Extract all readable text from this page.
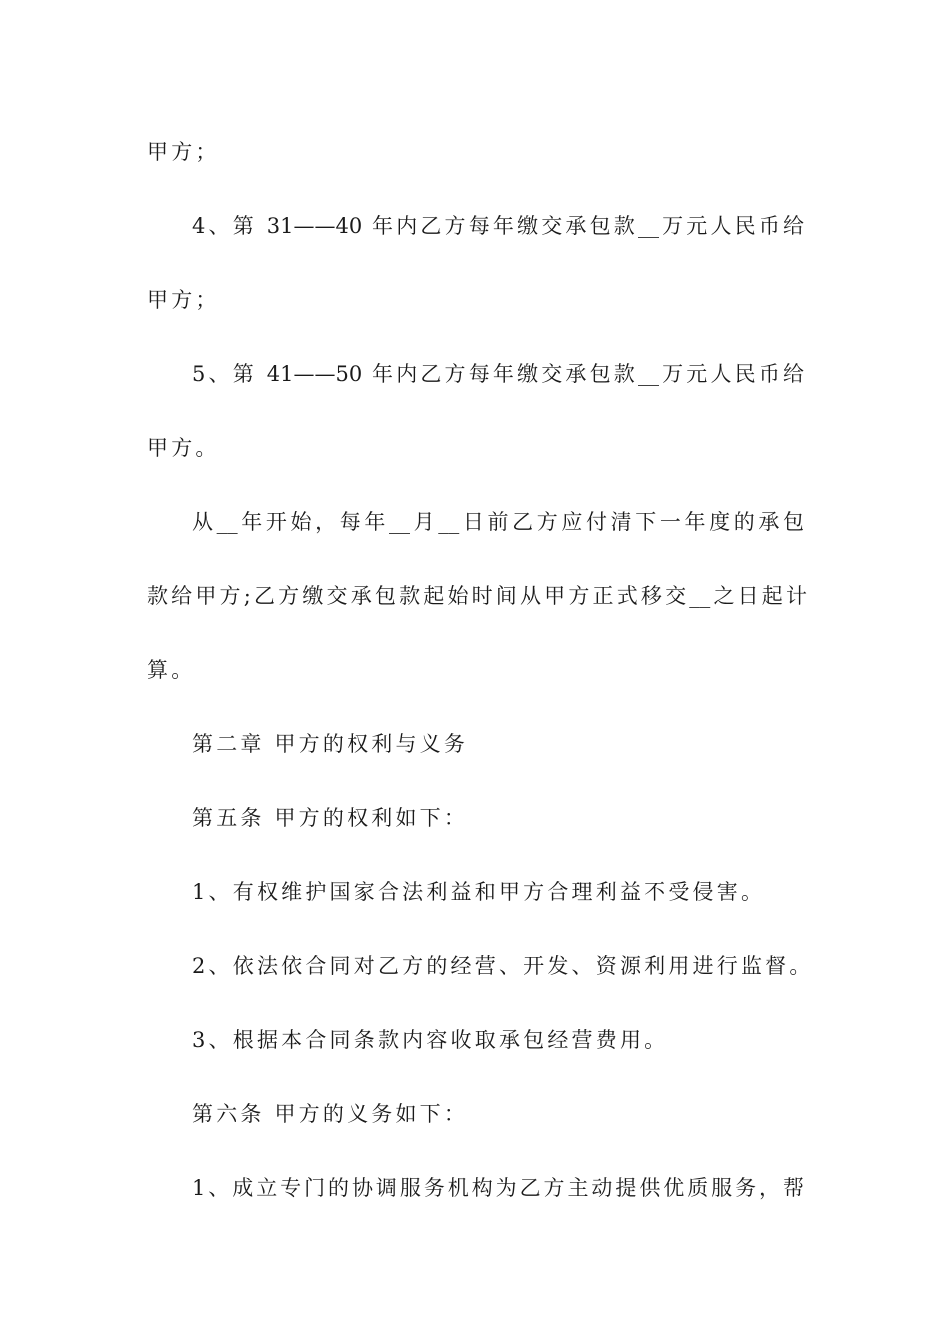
甲方；
4、第 31——40 年内乙方每年缴交承包款__万元人民币给
甲方；
5、第 41——50 年内乙方每年缴交承包款__万元人民币给
甲方。
从__年开始，每年__月__日前乙方应付清下一年度的承包
款给甲方;乙方缴交承包款起始时间从甲方正式移交__之日起计
算。
第二章 甲方的权利与义务
第五条 甲方的权利如下：
1、有权维护国家合法利益和甲方合理利益不受侵害。
2、依法依合同对乙方的经营、开发、资源利用进行监督。
3、根据本合同条款内容收取承包经营费用。
第六条 甲方的义务如下：
1、成立专门的协调服务机构为乙方主动提供优质服务，帮
